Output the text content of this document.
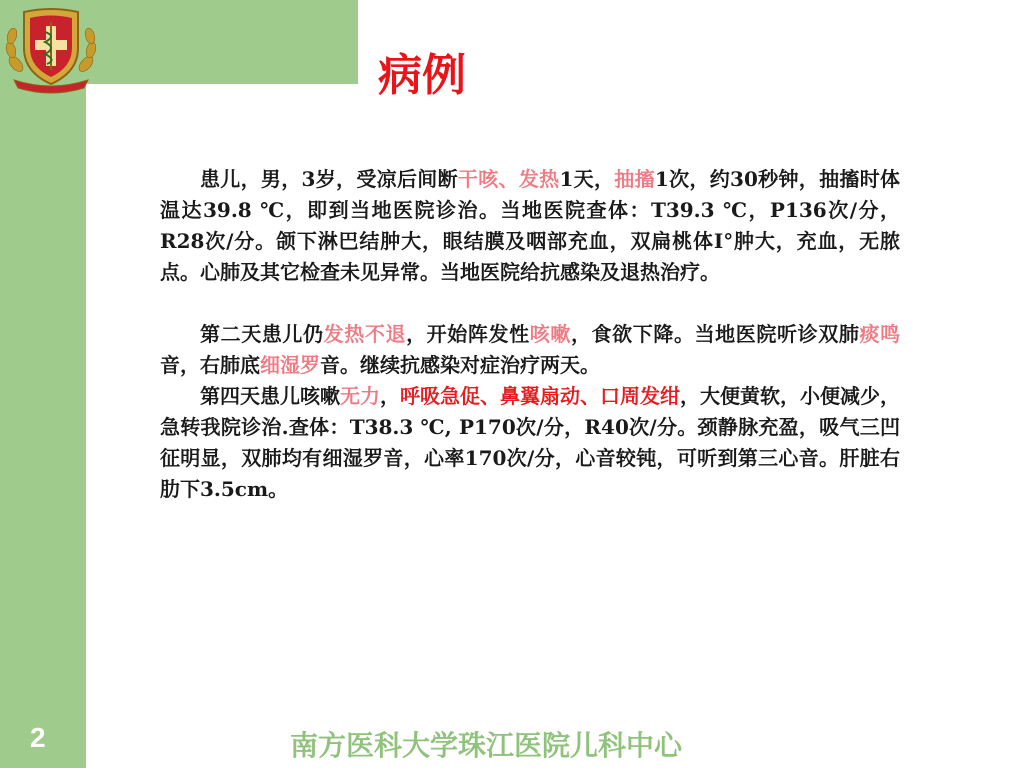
病例

患儿，男，3岁，受凉后间断干咳、发热1天，抽搐1次，约30秒钟，抽搐时体温达39.8 ℃，即到当地医院诊治。当地医院查体：T39.3 ℃，P136次/分，R28次/分。颌下淋巴结肿大，眼结膜及咽部充血，双扁桃体I°肿大，充血，无脓点。心肺及其它检查未见异常。当地医院给抗感染及退热治疗。

第二天患儿仍发热不退，开始阵发性咳嗽，食欲下降。当地医院听诊双肺痰鸣音，右肺底细湿罗音。继续抗感染对症治疗两天。

第四天患儿咳嗽无力，呼吸急促、鼻翼扇动、口周发绀，大便黄软，小便减少，急转我院诊治.查体：T38.3 ℃, P170次/分，R40次/分。颈静脉充盈，吸气三凹征明显，双肺均有细湿罗音，心率170次/分，心音较钝，可听到第三心音。肝脏右肋下3.5cm。

2	南方医科大学珠江医院儿科中心
